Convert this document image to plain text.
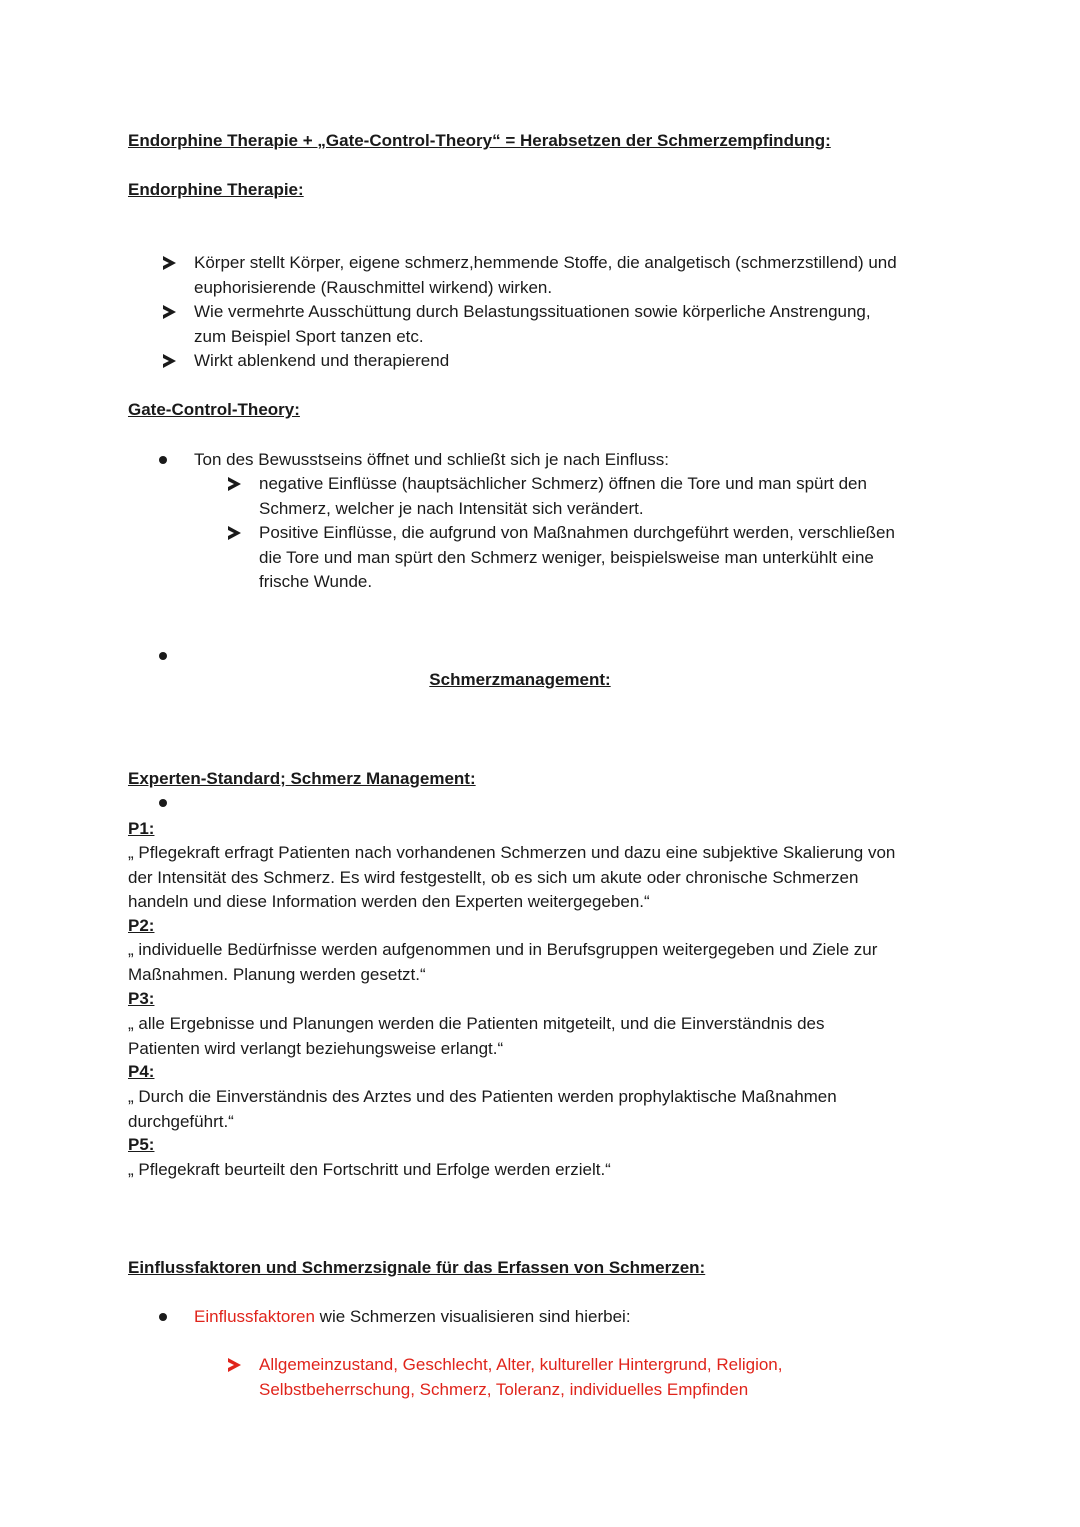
Endorphine Therapie + „Gate-Control-Theory“ = Herabsetzen der Schmerzempfindung:
Endorphine Therapie:
Körper stellt Körper, eigene schmerz,hemmende Stoffe, die analgetisch (schmerzstillend) und
euphorisierende (Rauschmittel wirkend) wirken.
Wie vermehrte Ausschüttung durch Belastungssituationen sowie körperliche Anstrengung,
zum Beispiel Sport tanzen etc.
Wirkt ablenkend und therapierend
Gate-Control-Theory:
Ton des Bewusstseins öffnet und schließt sich je nach Einfluss:
negative Einflüsse (hauptsächlicher Schmerz) öffnen die Tore und man spürt den
Schmerz, welcher je nach Intensität sich verändert.
Positive Einflüsse, die aufgrund von Maßnahmen durchgeführt werden, verschließen
die Tore und man spürt den Schmerz weniger, beispielsweise man unterkühlt eine
frische Wunde.
Schmerzmanagement:
Experten-Standard; Schmerz Management:
P1:
„ Pflegekraft erfragt Patienten nach vorhandenen Schmerzen und dazu eine subjektive Skalierung von
der Intensität des Schmerz. Es wird festgestellt, ob es sich um akute oder chronische Schmerzen
handeln und diese Information werden den Experten weitergegeben.“
P2:
„ individuelle Bedürfnisse werden aufgenommen und in Berufsgruppen weitergegeben und Ziele zur
Maßnahmen. Planung werden gesetzt.“
P3:
„ alle Ergebnisse und Planungen werden die Patienten mitgeteilt, und die Einverständnis des
Patienten wird verlangt beziehungsweise erlangt.“
P4:
„ Durch die Einverständnis des Arztes und des Patienten werden prophylaktische Maßnahmen
durchgeführt.“
P5:
„ Pflegekraft beurteilt den Fortschritt und Erfolge werden erzielt.“
Einflussfaktoren und Schmerzsignale für das Erfassen von Schmerzen:
Einflussfaktoren wie Schmerzen visualisieren sind hierbei:
Allgemeinzustand, Geschlecht, Alter, kultureller Hintergrund, Religion,
Selbstbeherrschung, Schmerz, Toleranz, individuelles Empfinden
